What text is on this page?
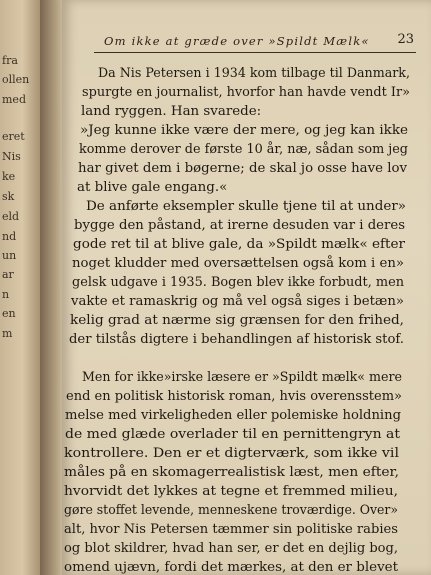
fra
ollen
med
eret
Nis
ke
sk
eld
nd
un
ar
n
en
m
Om ikke at græde over »Spildt Mælk« 23
Da Nis Petersen i 1934 kom tilbage til Danmark,
spurgte en journalist, hvorfor han havde vendt Ir»
land ryggen. Han svarede:
»Jeg kunne ikke være der mere, og jeg kan ikke
komme derover de første 10 år, næ, sådan som jeg
har givet dem i bøgerne; de skal jo osse have lov
at blive gale engang.«
De anførte eksempler skulle tjene til at under»
bygge den påstand, at irerne desuden var i deres
gode ret til at blive gale, da »Spildt mælk« efter
noget kludder med oversættelsen også kom i en»
gelsk udgave i 1935. Bogen blev ikke forbudt, men
vakte et ramaskrig og må vel også siges i betæn»
kelig grad at nærme sig grænsen for den frihed,
der tilstås digtere i behandlingen af historisk stof.
Men for ikke»irske læsere er »Spildt mælk« mere
end en politisk historisk roman, hvis overensstem»
melse med virkeligheden eller polemiske holdning
de med glæde overlader til en pernittengryn at
kontrollere. Den er et digterværk, som ikke vil
måles på en skomagerrealistisk læst, men efter,
hvorvidt det lykkes at tegne et fremmed milieu,
gøre stoffet levende, menneskene troværdige. Over»
alt, hvor Nis Petersen tæmmer sin politiske rabies
og blot skildrer, hvad han ser, er det en dejlig bog,
omend ujævn, fordi det mærkes, at den er blevet
